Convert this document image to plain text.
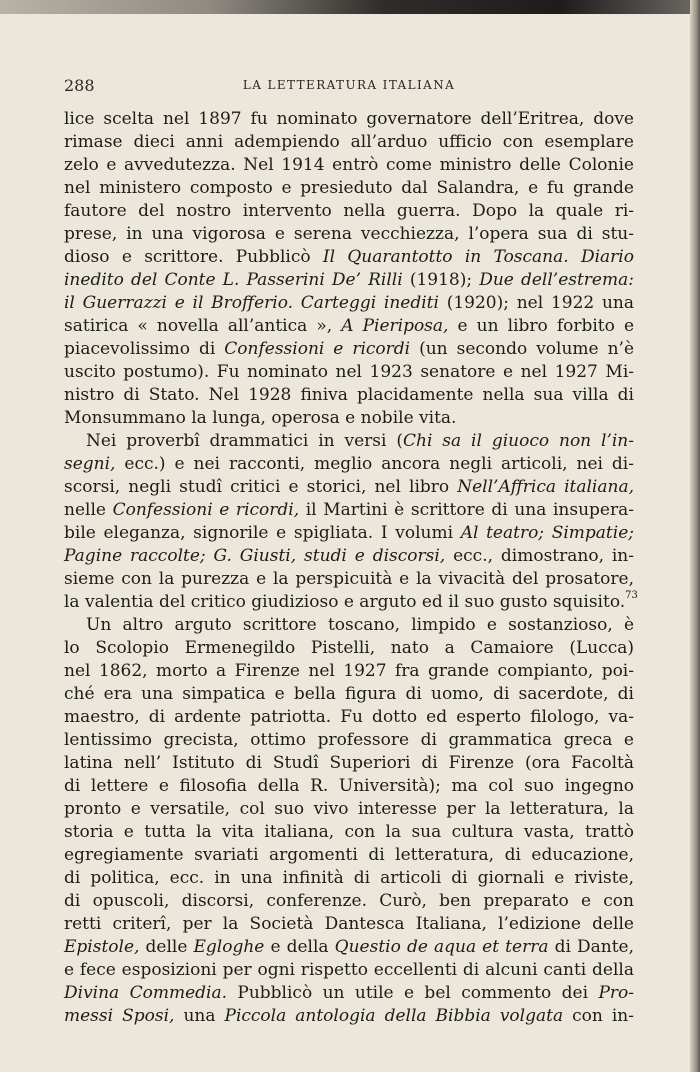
288	LA LETTERATURA ITALIANA
lice scelta nel 1897 fu nominato governatore dell’Eritrea, dove
rimase dieci anni adempiendo all’arduo ufficio con esemplare
zelo e avvedutezza. Nel 1914 entrò come ministro delle Colonie
nel ministero composto e presieduto dal Salandra, e fu grande
fautore del nostro intervento nella guerra. Dopo la quale ri-
prese, in una vigorosa e serena vecchiezza, l’opera sua di stu-
dioso e scrittore. Pubblicò Il Quarantotto in Toscana. Diario
inedito del Conte L. Passerini De’ Rilli (1918); Due dell’estrema:
il Guerrazzi e il Brofferio. Carteggi inediti (1920); nel 1922 una
satirica « novella all’antica », A Pieriposa, e un libro forbito e
piacevolissimo di Confessioni e ricordi (un secondo volume n’è
uscito postumo). Fu nominato nel 1923 senatore e nel 1927 Mi-
nistro di Stato. Nel 1928 finiva placidamente nella sua villa di
Monsummano la lunga, operosa e nobile vita.
Nei proverbî drammatici in versi (Chi sa il giuoco non l’in-
segni, ecc.) e nei racconti, meglio ancora negli articoli, nei di-
scorsi, negli studî critici e storici, nel libro Nell’Affrica italiana,
nelle Confessioni e ricordi, il Martini è scrittore di una insupera-
bile eleganza, signorile e spigliata. I volumi Al teatro; Simpatie;
Pagine raccolte; G. Giusti, studi e discorsi, ecc., dimostrano, in-
sieme con la purezza e la perspicuità e la vivacità del prosatore,
la valentia del critico giudizioso e arguto ed il suo gusto squisito.$^{73}$
Un altro arguto scrittore toscano, limpido e sostanzioso, è
lo Scolopio Ermenegildo Pistelli, nato a Camaiore (Lucca)
nel 1862, morto a Firenze nel 1927 fra grande compianto, poi-
ché era una simpatica e bella figura di uomo, di sacerdote, di
maestro, di ardente patriotta. Fu dotto ed esperto filologo, va-
lentissimo grecista, ottimo professore di grammatica greca e
latina nell’ Istituto di Studî Superiori di Firenze (ora Facoltà
di lettere e filosofia della R. Università); ma col suo ingegno
pronto e versatile, col suo vivo interesse per la letteratura, la
storia e tutta la vita italiana, con la sua cultura vasta, trattò
egregiamente svariati argomenti di letteratura, di educazione,
di politica, ecc. in una infinità di articoli di giornali e riviste,
di opuscoli, discorsi, conferenze. Curò, ben preparato e con
retti criterî, per la Società Dantesca Italiana, l’edizione delle
Epistole, delle Egloghe e della Questio de aqua et terra di Dante,
e fece esposizioni per ogni rispetto eccellenti di alcuni canti della
Divina Commedia. Pubblicò un utile e bel commento dei Pro-
messi Sposi, una Piccola antologia della Bibbia volgata con in-
